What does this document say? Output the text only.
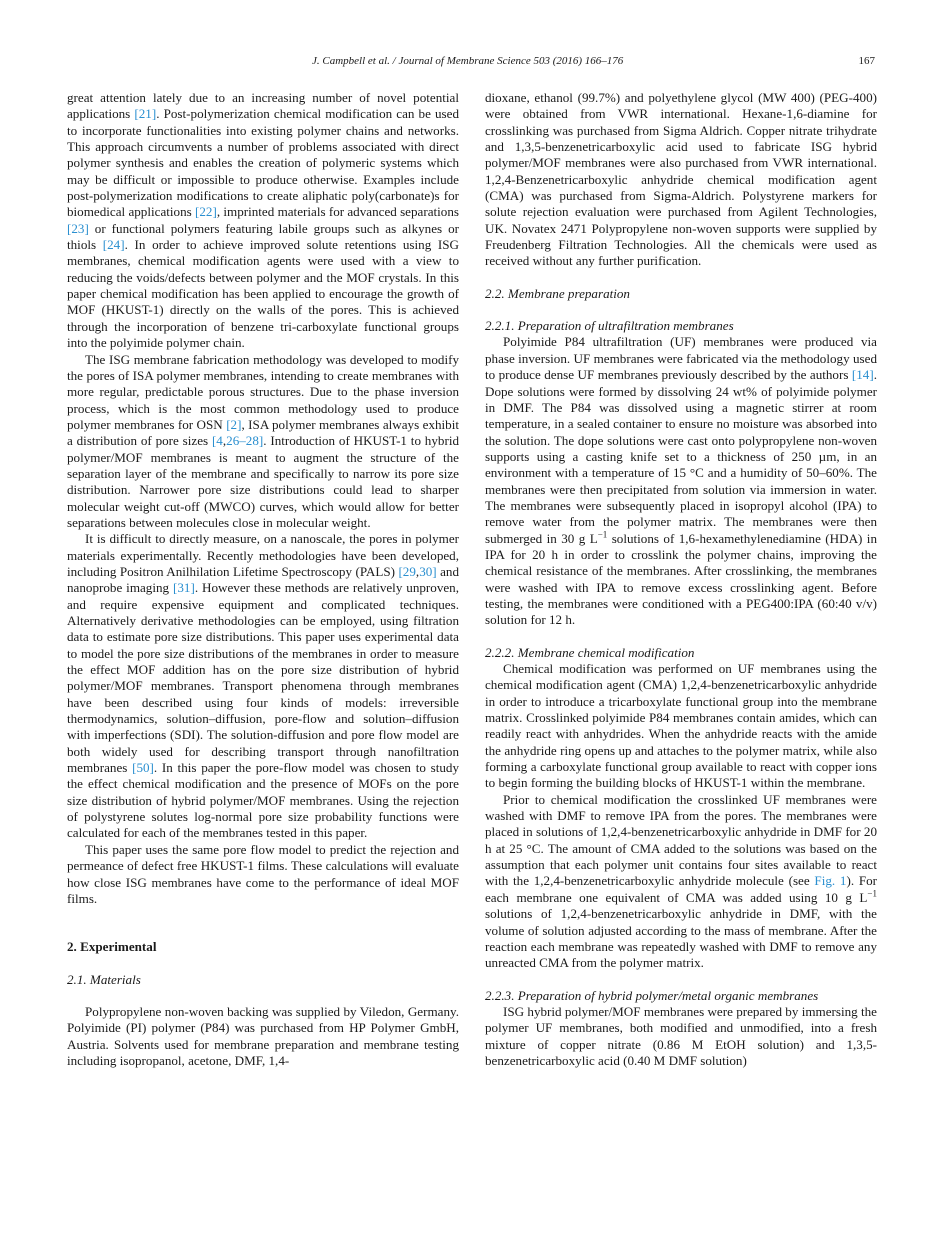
J. Campbell et al. / Journal of Membrane Science 503 (2016) 166–176	167

great attention lately due to an increasing number of novel potential applications [21]. Post-polymerization chemical modification can be used to incorporate functionalities into existing polymer chains and networks. This approach circumvents a number of problems associated with direct polymer synthesis and enables the creation of polymeric systems which may be difficult or impossible to produce otherwise. Examples include post-polymerization modifications to create aliphatic poly(carbonate)s for biomedical applications [22], imprinted materials for advanced separations [23] or functional polymers featuring labile groups such as alkynes or thiols [24]. In order to achieve improved solute retentions using ISG membranes, chemical modification agents were used with a view to reducing the voids/defects between polymer and the MOF crystals. In this paper chemical modification has been applied to encourage the growth of MOF (HKUST-1) directly on the walls of the pores. This is achieved through the incorporation of benzene tri-carboxylate functional groups into the polyimide polymer chain.

The ISG membrane fabrication methodology was developed to modify the pores of ISA polymer membranes, intending to create membranes with more regular, predictable porous structures. Due to the phase inversion process, which is the most common methodology used to produce polymer membranes for OSN [2], ISA polymer membranes always exhibit a distribution of pore sizes [4,26–28]. Introduction of HKUST-1 to hybrid polymer/MOF membranes is meant to augment the structure of the separation layer of the membrane and specifically to narrow its pore size distribution. Narrower pore size distributions could lead to sharper molecular weight cut-off (MWCO) curves, which would allow for better separations between molecules close in molecular weight.

It is difficult to directly measure, on a nanoscale, the pores in polymer materials experimentally. Recently methodologies have been developed, including Positron Anilhilation Lifetime Spectroscopy (PALS) [29,30] and nanoprobe imaging [31]. However these methods are relatively unproven, and require expensive equipment and complicated techniques. Alternatively derivative methodologies can be employed, using filtration data to estimate pore size distributions. This paper uses experimental data to model the pore size distributions of the membranes in order to measure the effect MOF addition has on the pore size distribution of hybrid polymer/MOF membranes. Transport phenomena through membranes have been described using four kinds of models: irreversible thermodynamics, solution–diffusion, pore-flow and solution–diffusion with imperfections (SDI). The solution-diffusion and pore flow model are both widely used for describing transport through nanofiltration membranes [50]. In this paper the pore-flow model was chosen to study the effect chemical modification and the presence of MOFs on the pore size distribution of hybrid polymer/MOF membranes. Using the rejection of polystyrene solutes log-normal pore size probability functions were calculated for each of the membranes tested in this paper.

This paper uses the same pore flow model to predict the rejection and permeance of defect free HKUST-1 films. These calculations will evaluate how close ISG membranes have come to the performance of ideal MOF films.

2. Experimental
2.1. Materials

Polypropylene non-woven backing was supplied by Viledon, Germany. Polyimide (PI) polymer (P84) was purchased from HP Polymer GmbH, Austria. Solvents used for membrane preparation and membrane testing including isopropanol, acetone, DMF, 1,4-

dioxane, ethanol (99.7%) and polyethylene glycol (MW 400) (PEG-400) were obtained from VWR international. Hexane-1,6-diamine for crosslinking was purchased from Sigma Aldrich. Copper nitrate trihydrate and 1,3,5-benzenetricarboxylic acid used to fabricate ISG hybrid polymer/MOF membranes were also purchased from VWR international. 1,2,4-Benzenetricarboxylic anhydride chemical modification agent (CMA) was purchased from Sigma-Aldrich. Polystyrene markers for solute rejection evaluation were purchased from Agilent Technologies, UK. Novatex 2471 Polypropylene non-woven supports were supplied by Freudenberg Filtration Technologies. All the chemicals were used as received without any further purification.

2.2. Membrane preparation
2.2.1. Preparation of ultrafiltration membranes

Polyimide P84 ultrafiltration (UF) membranes were produced via phase inversion. UF membranes were fabricated via the methodology used to produce dense UF membranes previously described by the authors [14]. Dope solutions were formed by dissolving 24 wt% of polyimide polymer in DMF. The P84 was dissolved using a magnetic stirrer at room temperature, in a sealed container to ensure no moisture was absorbed into the solution. The dope solutions were cast onto polypropylene non-woven supports using a casting knife set to a thickness of 250 µm, in an environment with a temperature of 15 °C and a humidity of 50–60%. The membranes were then precipitated from solution via immersion in water. The membranes were subsequently placed in isopropyl alcohol (IPA) to remove water from the polymer matrix. The membranes were then submerged in 30 g $L^{-1}$ solutions of 1,6-hexamethylenediamine (HDA) in IPA for 20 h in order to crosslink the polymer chains, improving the chemical resistance of the membranes. After crosslinking, the membranes were washed with IPA to remove excess crosslinking agent. Before testing, the membranes were conditioned with a PEG400:IPA (60:40 v/v) solution for 12 h.

2.2.2. Membrane chemical modification

Chemical modification was performed on UF membranes using the chemical modification agent (CMA) 1,2,4-benzenetricarboxylic anhydride in order to introduce a tricarboxylate functional group into the membrane matrix. Crosslinked polyimide P84 membranes contain amides, which can readily react with anhydrides. When the anhydride reacts with the amide the anhydride ring opens up and attaches to the polymer matrix, while also forming a carboxylate functional group available to react with copper ions to begin forming the building blocks of HKUST-1 within the membrane.

Prior to chemical modification the crosslinked UF membranes were washed with DMF to remove IPA from the pores. The membranes were placed in solutions of 1,2,4-benzenetricarboxylic anhydride in DMF for 20 h at 25 °C. The amount of CMA added to the solutions was based on the assumption that each polymer unit contains four sites available to react with the 1,2,4-benzenetricarboxylic anhydride molecule (see Fig. 1). For each membrane one equivalent of CMA was added using 10 g $L^{-1}$ solutions of 1,2,4-benzenetricarboxylic anhydride in DMF, with the volume of solution adjusted according to the mass of membrane. After the reaction each membrane was repeatedly washed with DMF to remove any unreacted CMA from the polymer matrix.

2.2.3. Preparation of hybrid polymer/metal organic membranes

ISG hybrid polymer/MOF membranes were prepared by immersing the polymer UF membranes, both modified and unmodified, into a fresh mixture of copper nitrate (0.86 M EtOH solution) and 1,3,5-benzenetricarboxylic acid (0.40 M DMF solution)
